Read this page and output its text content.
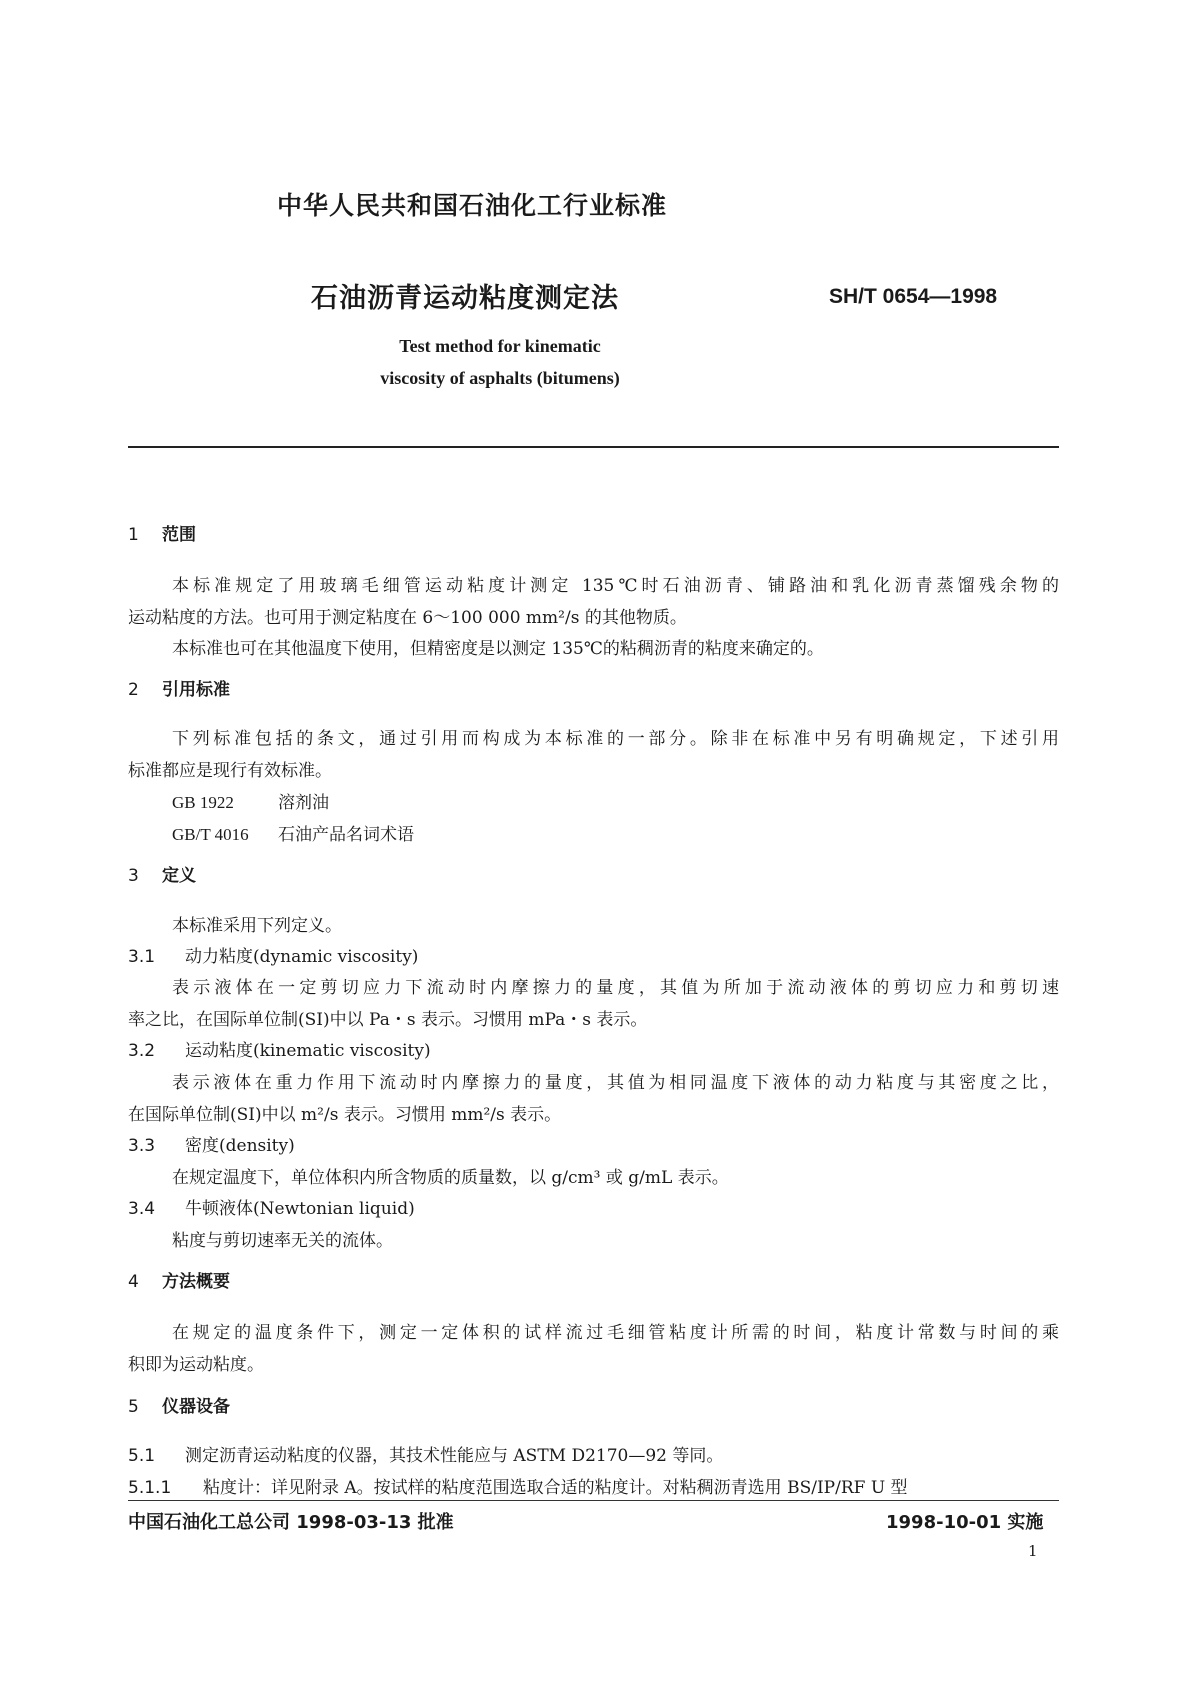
中华人民共和国石油化工行业标准
石油沥青运动粘度测定法	SH/T 0654—1998
Test method for kinematic
viscosity of asphalts (bitumens)
1 范围
本标准规定了用玻璃毛细管运动粘度计测定 135℃时石油沥青、铺路油和乳化沥青蒸馏残余物的
运动粘度的方法。也可用于测定粘度在 6～100 000 mm²/s 的其他物质。
本标准也可在其他温度下使用，但精密度是以测定 135℃的粘稠沥青的粘度来确定的。
2 引用标准
下列标准包括的条文，通过引用而构成为本标准的一部分。除非在标准中另有明确规定，下述引用
标准都应是现行有效标准。
GB 1922	溶剂油
GB/T 4016 石油产品名词术语
3 定义
本标准采用下列定义。
3.1 动力粘度(dynamic viscosity)
表示液体在一定剪切应力下流动时内摩擦力的量度，其值为所加于流动液体的剪切应力和剪切速
率之比，在国际单位制(SI)中以 Pa・s 表示。习惯用 mPa・s 表示。
3.2 运动粘度(kinematic viscosity)
表示液体在重力作用下流动时内摩擦力的量度，其值为相同温度下液体的动力粘度与其密度之比，
在国际单位制(SI)中以 m²/s 表示。习惯用 mm²/s 表示。
3.3 密度(density)
在规定温度下，单位体积内所含物质的质量数，以 g/cm³ 或 g/mL 表示。
3.4 牛顿液体(Newtonian liquid)
粘度与剪切速率无关的流体。
4 方法概要
在规定的温度条件下，测定一定体积的试样流过毛细管粘度计所需的时间，粘度计常数与时间的乘
积即为运动粘度。
5 仪器设备
5.1 测定沥青运动粘度的仪器，其技术性能应与 ASTM D2170—92 等同。
5.1.1 粘度计：详见附录 A。按试样的粘度范围选取合适的粘度计。对粘稠沥青选用 BS/IP/RF U 型
中国石油化工总公司 1998-03-13 批准	1998-10-01 实施
1
